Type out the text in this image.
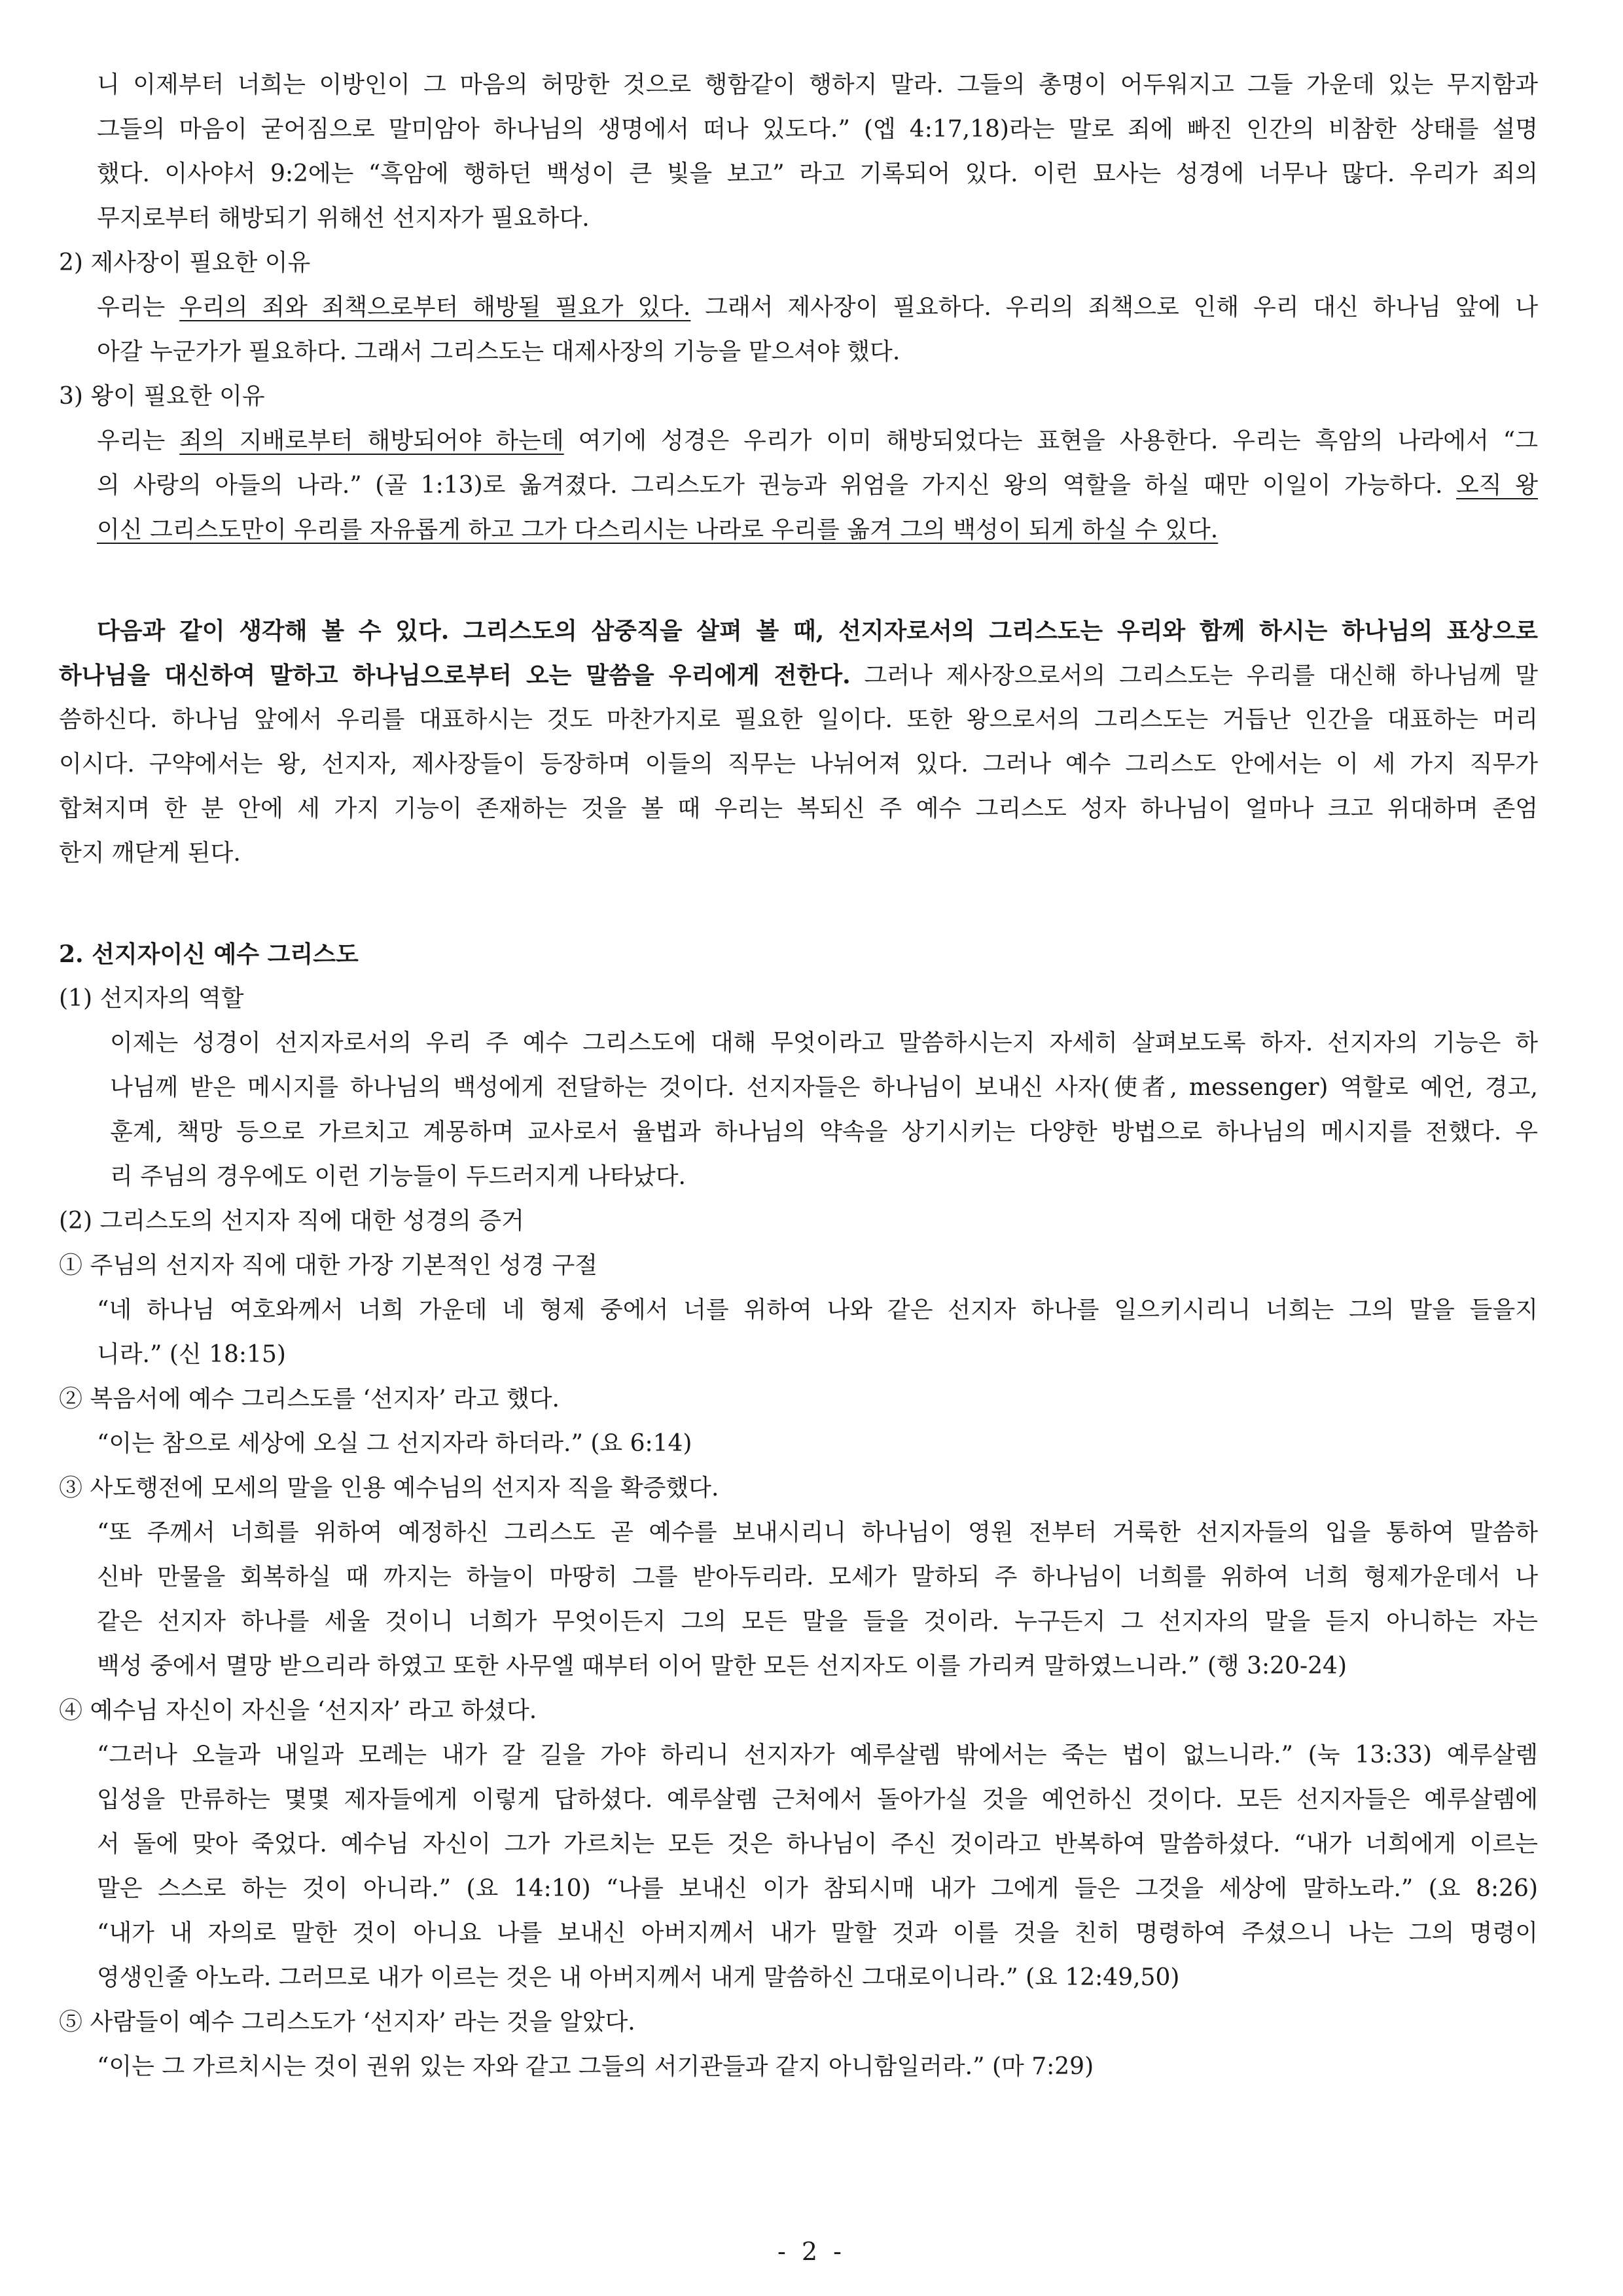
니 이제부터 너희는 이방인이 그 마음의 허망한 것으로 행함같이 행하지 말라. 그들의 총명이 어두워지고 그들 가운데 있는 무지함과

그들의 마음이 굳어짐으로 말미암아 하나님의 생명에서 떠나 있도다.” (엡 4:17,18)라는 말로 죄에 빠진 인간의 비참한 상태를 설명

했다. 이사야서 9:2에는 “흑암에 행하던 백성이 큰 빛을 보고” 라고 기록되어 있다. 이런 묘사는 성경에 너무나 많다. 우리가 죄의

무지로부터 해방되기 위해선 선지자가 필요하다.

2) 제사장이 필요한 이유

우리는 우리의 죄와 죄책으로부터 해방될 필요가 있다. 그래서 제사장이 필요하다. 우리의 죄책으로 인해 우리 대신 하나님 앞에 나

아갈 누군가가 필요하다. 그래서 그리스도는 대제사장의 기능을 맡으셔야 했다.

3) 왕이 필요한 이유

우리는 죄의 지배로부터 해방되어야 하는데 여기에 성경은 우리가 이미 해방되었다는 표현을 사용한다. 우리는 흑암의 나라에서 “그

의 사랑의 아들의 나라.” (골 1:13)로 옮겨졌다. 그리스도가 권능과 위엄을 가지신 왕의 역할을 하실 때만 이일이 가능하다. 오직 왕

이신 그리스도만이 우리를 자유롭게 하고 그가 다스리시는 나라로 우리를 옮겨 그의 백성이 되게 하실 수 있다.

다음과 같이 생각해 볼 수 있다. 그리스도의 삼중직을 살펴 볼 때, 선지자로서의 그리스도는 우리와 함께 하시는 하나님의 표상으로

하나님을 대신하여 말하고 하나님으로부터 오는 말씀을 우리에게 전한다. 그러나 제사장으로서의 그리스도는 우리를 대신해 하나님께 말

씀하신다. 하나님 앞에서 우리를 대표하시는 것도 마찬가지로 필요한 일이다. 또한 왕으로서의 그리스도는 거듭난 인간을 대표하는 머리

이시다. 구약에서는 왕, 선지자, 제사장들이 등장하며 이들의 직무는 나뉘어져 있다. 그러나 예수 그리스도 안에서는 이 세 가지 직무가

합쳐지며 한 분 안에 세 가지 기능이 존재하는 것을 볼 때 우리는 복되신 주 예수 그리스도 성자 하나님이 얼마나 크고 위대하며 존엄

한지 깨닫게 된다.

2. 선지자이신 예수 그리스도

(1) 선지자의 역할

이제는 성경이 선지자로서의 우리 주 예수 그리스도에 대해 무엇이라고 말씀하시는지 자세히 살펴보도록 하자. 선지자의 기능은 하

나님께 받은 메시지를 하나님의 백성에게 전달하는 것이다. 선지자들은 하나님이 보내신 사자(使者, messenger) 역할로 예언, 경고,

훈계, 책망 등으로 가르치고 계몽하며 교사로서 율법과 하나님의 약속을 상기시키는 다양한 방법으로 하나님의 메시지를 전했다. 우

리 주님의 경우에도 이런 기능들이 두드러지게 나타났다.

(2) 그리스도의 선지자 직에 대한 성경의 증거

① 주님의 선지자 직에 대한 가장 기본적인 성경 구절

“네 하나님 여호와께서 너희 가운데 네 형제 중에서 너를 위하여 나와 같은 선지자 하나를 일으키시리니 너희는 그의 말을 들을지

니라.” (신 18:15)

② 복음서에 예수 그리스도를 ‘선지자’ 라고 했다.

“이는 참으로 세상에 오실 그 선지자라 하더라.” (요 6:14)

③ 사도행전에 모세의 말을 인용 예수님의 선지자 직을 확증했다.

“또 주께서 너희를 위하여 예정하신 그리스도 곧 예수를 보내시리니 하나님이 영원 전부터 거룩한 선지자들의 입을 통하여 말씀하

신바 만물을 회복하실 때 까지는 하늘이 마땅히 그를 받아두리라. 모세가 말하되 주 하나님이 너희를 위하여 너희 형제가운데서 나

같은 선지자 하나를 세울 것이니 너희가 무엇이든지 그의 모든 말을 들을 것이라. 누구든지 그 선지자의 말을 듣지 아니하는 자는

백성 중에서 멸망 받으리라 하였고 또한 사무엘 때부터 이어 말한 모든 선지자도 이를 가리켜 말하였느니라.” (행 3:20-24)

④ 예수님 자신이 자신을 ‘선지자’ 라고 하셨다.

“그러나 오늘과 내일과 모레는 내가 갈 길을 가야 하리니 선지자가 예루살렘 밖에서는 죽는 법이 없느니라.” (눅 13:33) 예루살렘

입성을 만류하는 몇몇 제자들에게 이렇게 답하셨다. 예루살렘 근처에서 돌아가실 것을 예언하신 것이다. 모든 선지자들은 예루살렘에

서 돌에 맞아 죽었다. 예수님 자신이 그가 가르치는 모든 것은 하나님이 주신 것이라고 반복하여 말씀하셨다. “내가 너희에게 이르는

말은 스스로 하는 것이 아니라.” (요 14:10) “나를 보내신 이가 참되시매 내가 그에게 들은 그것을 세상에 말하노라.” (요 8:26)

“내가 내 자의로 말한 것이 아니요 나를 보내신 아버지께서 내가 말할 것과 이를 것을 친히 명령하여 주셨으니 나는 그의 명령이

영생인줄 아노라. 그러므로 내가 이르는 것은 내 아버지께서 내게 말씀하신 그대로이니라.” (요 12:49,50)

⑤ 사람들이 예수 그리스도가 ‘선지자’ 라는 것을 알았다.

“이는 그 가르치시는 것이 권위 있는 자와 같고 그들의 서기관들과 같지 아니함일러라.” (마 7:29)

- 2 -
